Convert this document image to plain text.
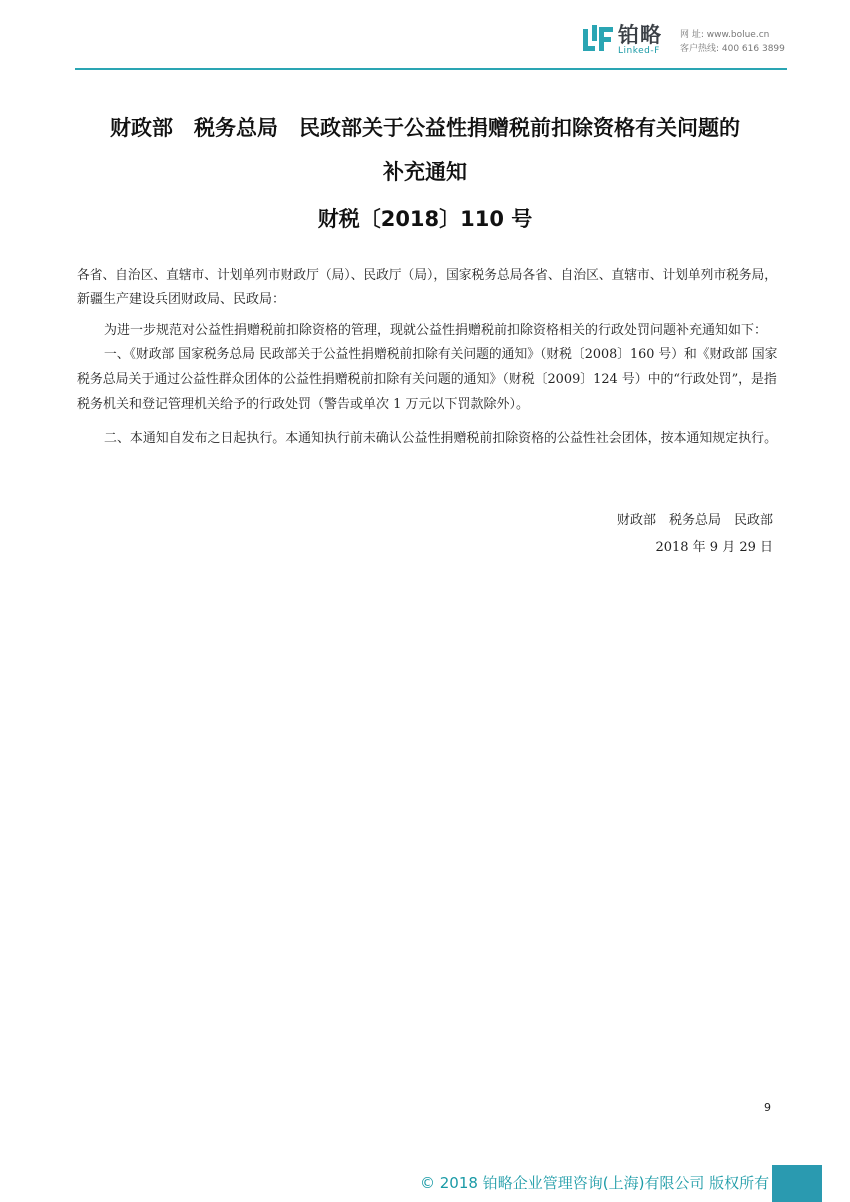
铂略
Linked-F
网 址: www.bolue.cn
客户热线: 400 616 3899
财政部　税务总局　民政部关于公益性捐赠税前扣除资格有关问题的
补充通知
财税〔2018〕110 号
各省、自治区、直辖市、计划单列市财政厅（局）、民政厅（局），国家税务总局各省、自治区、直辖市、计划单列市税务局，
新疆生产建设兵团财政局、民政局：
为进一步规范对公益性捐赠税前扣除资格的管理，现就公益性捐赠税前扣除资格相关的行政处罚问题补充通知如下：
一、《财政部 国家税务总局 民政部关于公益性捐赠税前扣除有关问题的通知》（财税〔2008〕160 号）和《财政部 国家
税务总局关于通过公益性群众团体的公益性捐赠税前扣除有关问题的通知》（财税〔2009〕124 号）中的“行政处罚”，是指
税务机关和登记管理机关给予的行政处罚（警告或单次 1 万元以下罚款除外）。
二、本通知自发布之日起执行。本通知执行前未确认公益性捐赠税前扣除资格的公益性社会团体，按本通知规定执行。
财政部　税务总局　民政部
2018 年 9 月 29 日
9
© 2018 铂略企业管理咨询(上海)有限公司 版权所有
